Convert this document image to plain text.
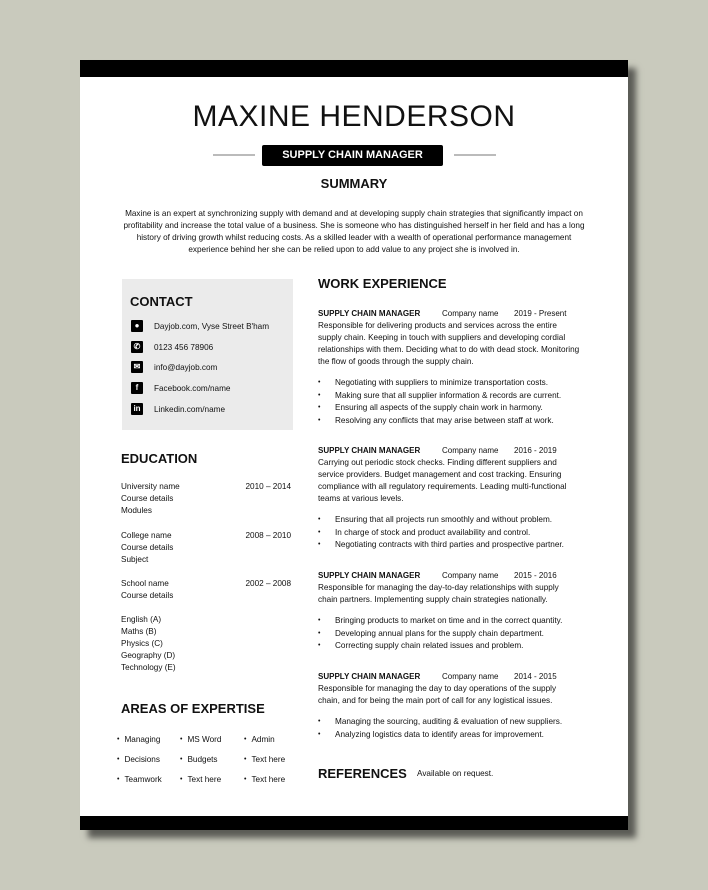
MAXINE HENDERSON
SUPPLY CHAIN MANAGER
SUMMARY
Maxine is an expert at synchronizing supply with demand and at developing supply chain strategies that significantly impact on profitability and increase the total value of a business. She is someone who has distinguished herself in her field and has a long history of driving growth whilst reducing costs. As a skilled leader with a wealth of operational performance management experience behind her she can be relied upon to add value to any project she is involved in.
CONTACT
●	Dayjob.com, Vyse Street B'ham
✆	0123 456 78906
✉	info@dayjob.com
f	Facebook.com/name
in Linkedin.com/name
EDUCATION
University name	2010 – 2014
Course details
Modules
College name	2008 – 2010
Course details
Subject
School name	2002 – 2008
Course details
English (A)
Maths (B)
Physics (C)
Geography (D)
Technology (E)
AREAS OF EXPERTISE
• Managing	• MS Word	• Admin
• Decisions	• Budgets	• Text here
• Teamwork	• Text here	• Text here
WORK EXPERIENCE
SUPPLY CHAIN MANAGER	Company name	2019 - Present
Responsible for delivering products and services across the entire supply chain. Keeping in touch with suppliers and developing cordial relationships with them. Deciding what to do with dead stock. Monitoring the flow of goods through the supply chain.
•	Negotiating with suppliers to minimize transportation costs.
•	Making sure that all supplier information & records are current.
•	Ensuring all aspects of the supply chain work in harmony.
•	Resolving any conflicts that may arise between staff at work.
SUPPLY CHAIN MANAGER	Company name	2016 - 2019
Carrying out periodic stock checks. Finding different suppliers and service providers. Budget management and cost tracking. Ensuring compliance with all regulatory requirements. Leading multi-functional teams at various levels.
•	Ensuring that all projects run smoothly and without problem.
•	In charge of stock and product availability and control.
•	Negotiating contracts with third parties and prospective partner.
SUPPLY CHAIN MANAGER	Company name	2015 - 2016
Responsible for managing the day-to-day relationships with supply chain partners. Implementing supply chain strategies nationally.
•	Bringing products to market on time and in the correct quantity.
•	Developing annual plans for the supply chain department.
•	Correcting supply chain related issues and problem.
SUPPLY CHAIN MANAGER	Company name	2014 - 2015
Responsible for managing the day to day operations of the supply chain, and for being the main port of call for any logistical issues.
•	Managing the sourcing, auditing & evaluation of new suppliers.
•	Analyzing logistics data to identify areas for improvement.
REFERENCES Available on request.
